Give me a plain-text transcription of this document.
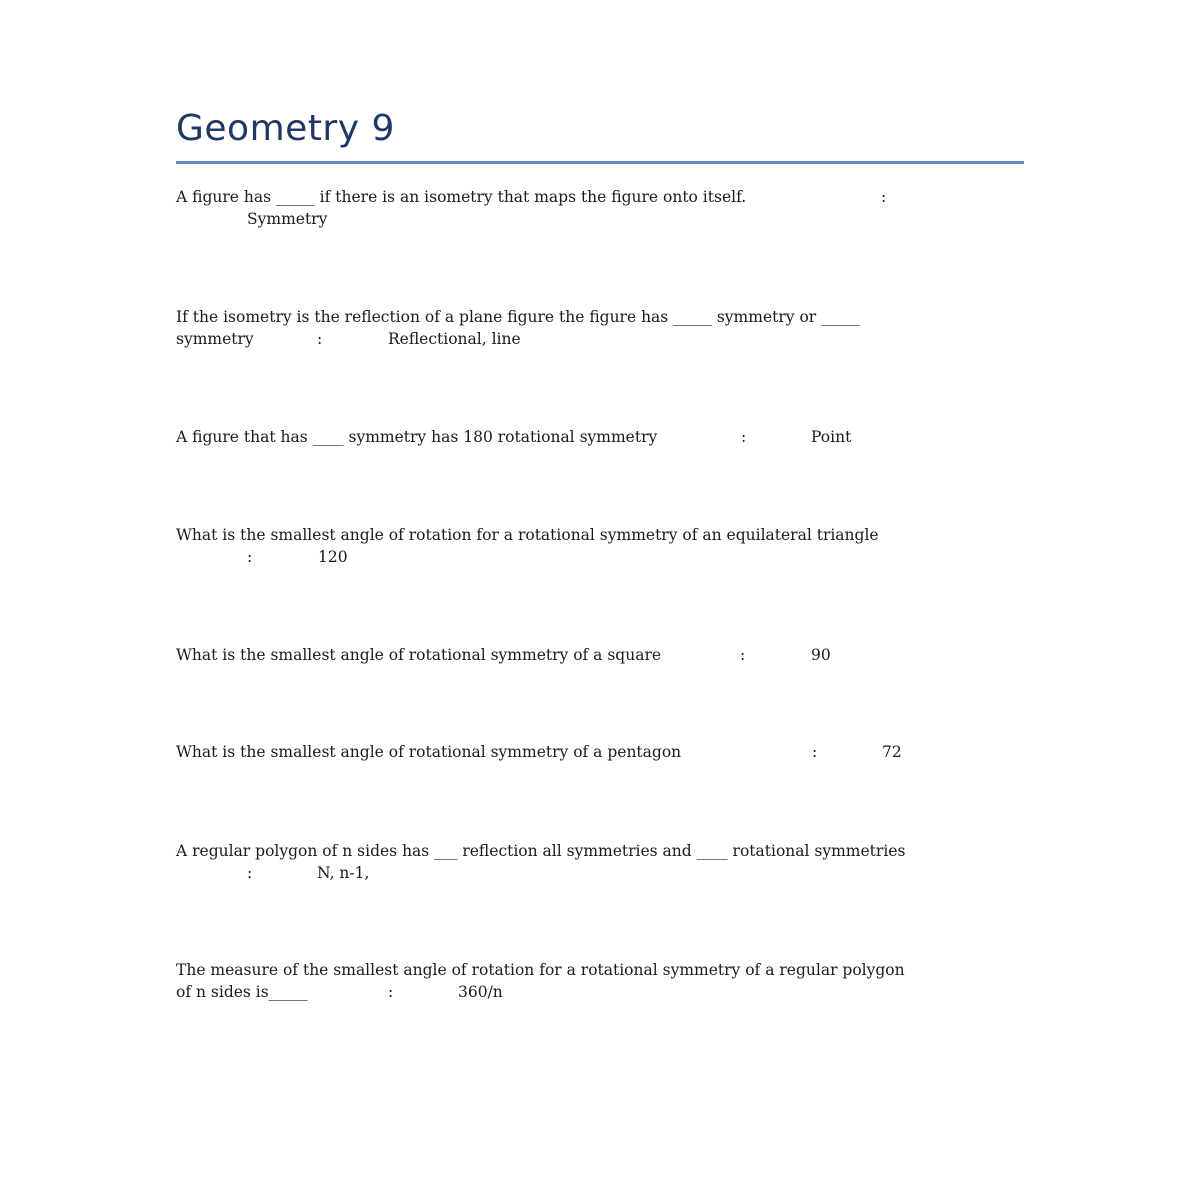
Geometry 9
A figure has _____ if there is an isometry that maps the figure onto itself.	:
Symmetry
If the isometry is the reflection of a plane figure the figure has _____ symmetry or _____
symmetry	:	Reflectional, line
A figure that has ____ symmetry has 180 rotational symmetry	:	Point
What is the smallest angle of rotation for a rotational symmetry of an equilateral triangle
:	120
What is the smallest angle of rotational symmetry of a square	:	90
What is the smallest angle of rotational symmetry of a pentagon	:	72
A regular polygon of n sides has ___ reflection all symmetries and ____ rotational symmetries
:	N, n-1,
The measure of the smallest angle of rotation for a rotational symmetry of a regular polygon
of n sides is_____	:	360/n
